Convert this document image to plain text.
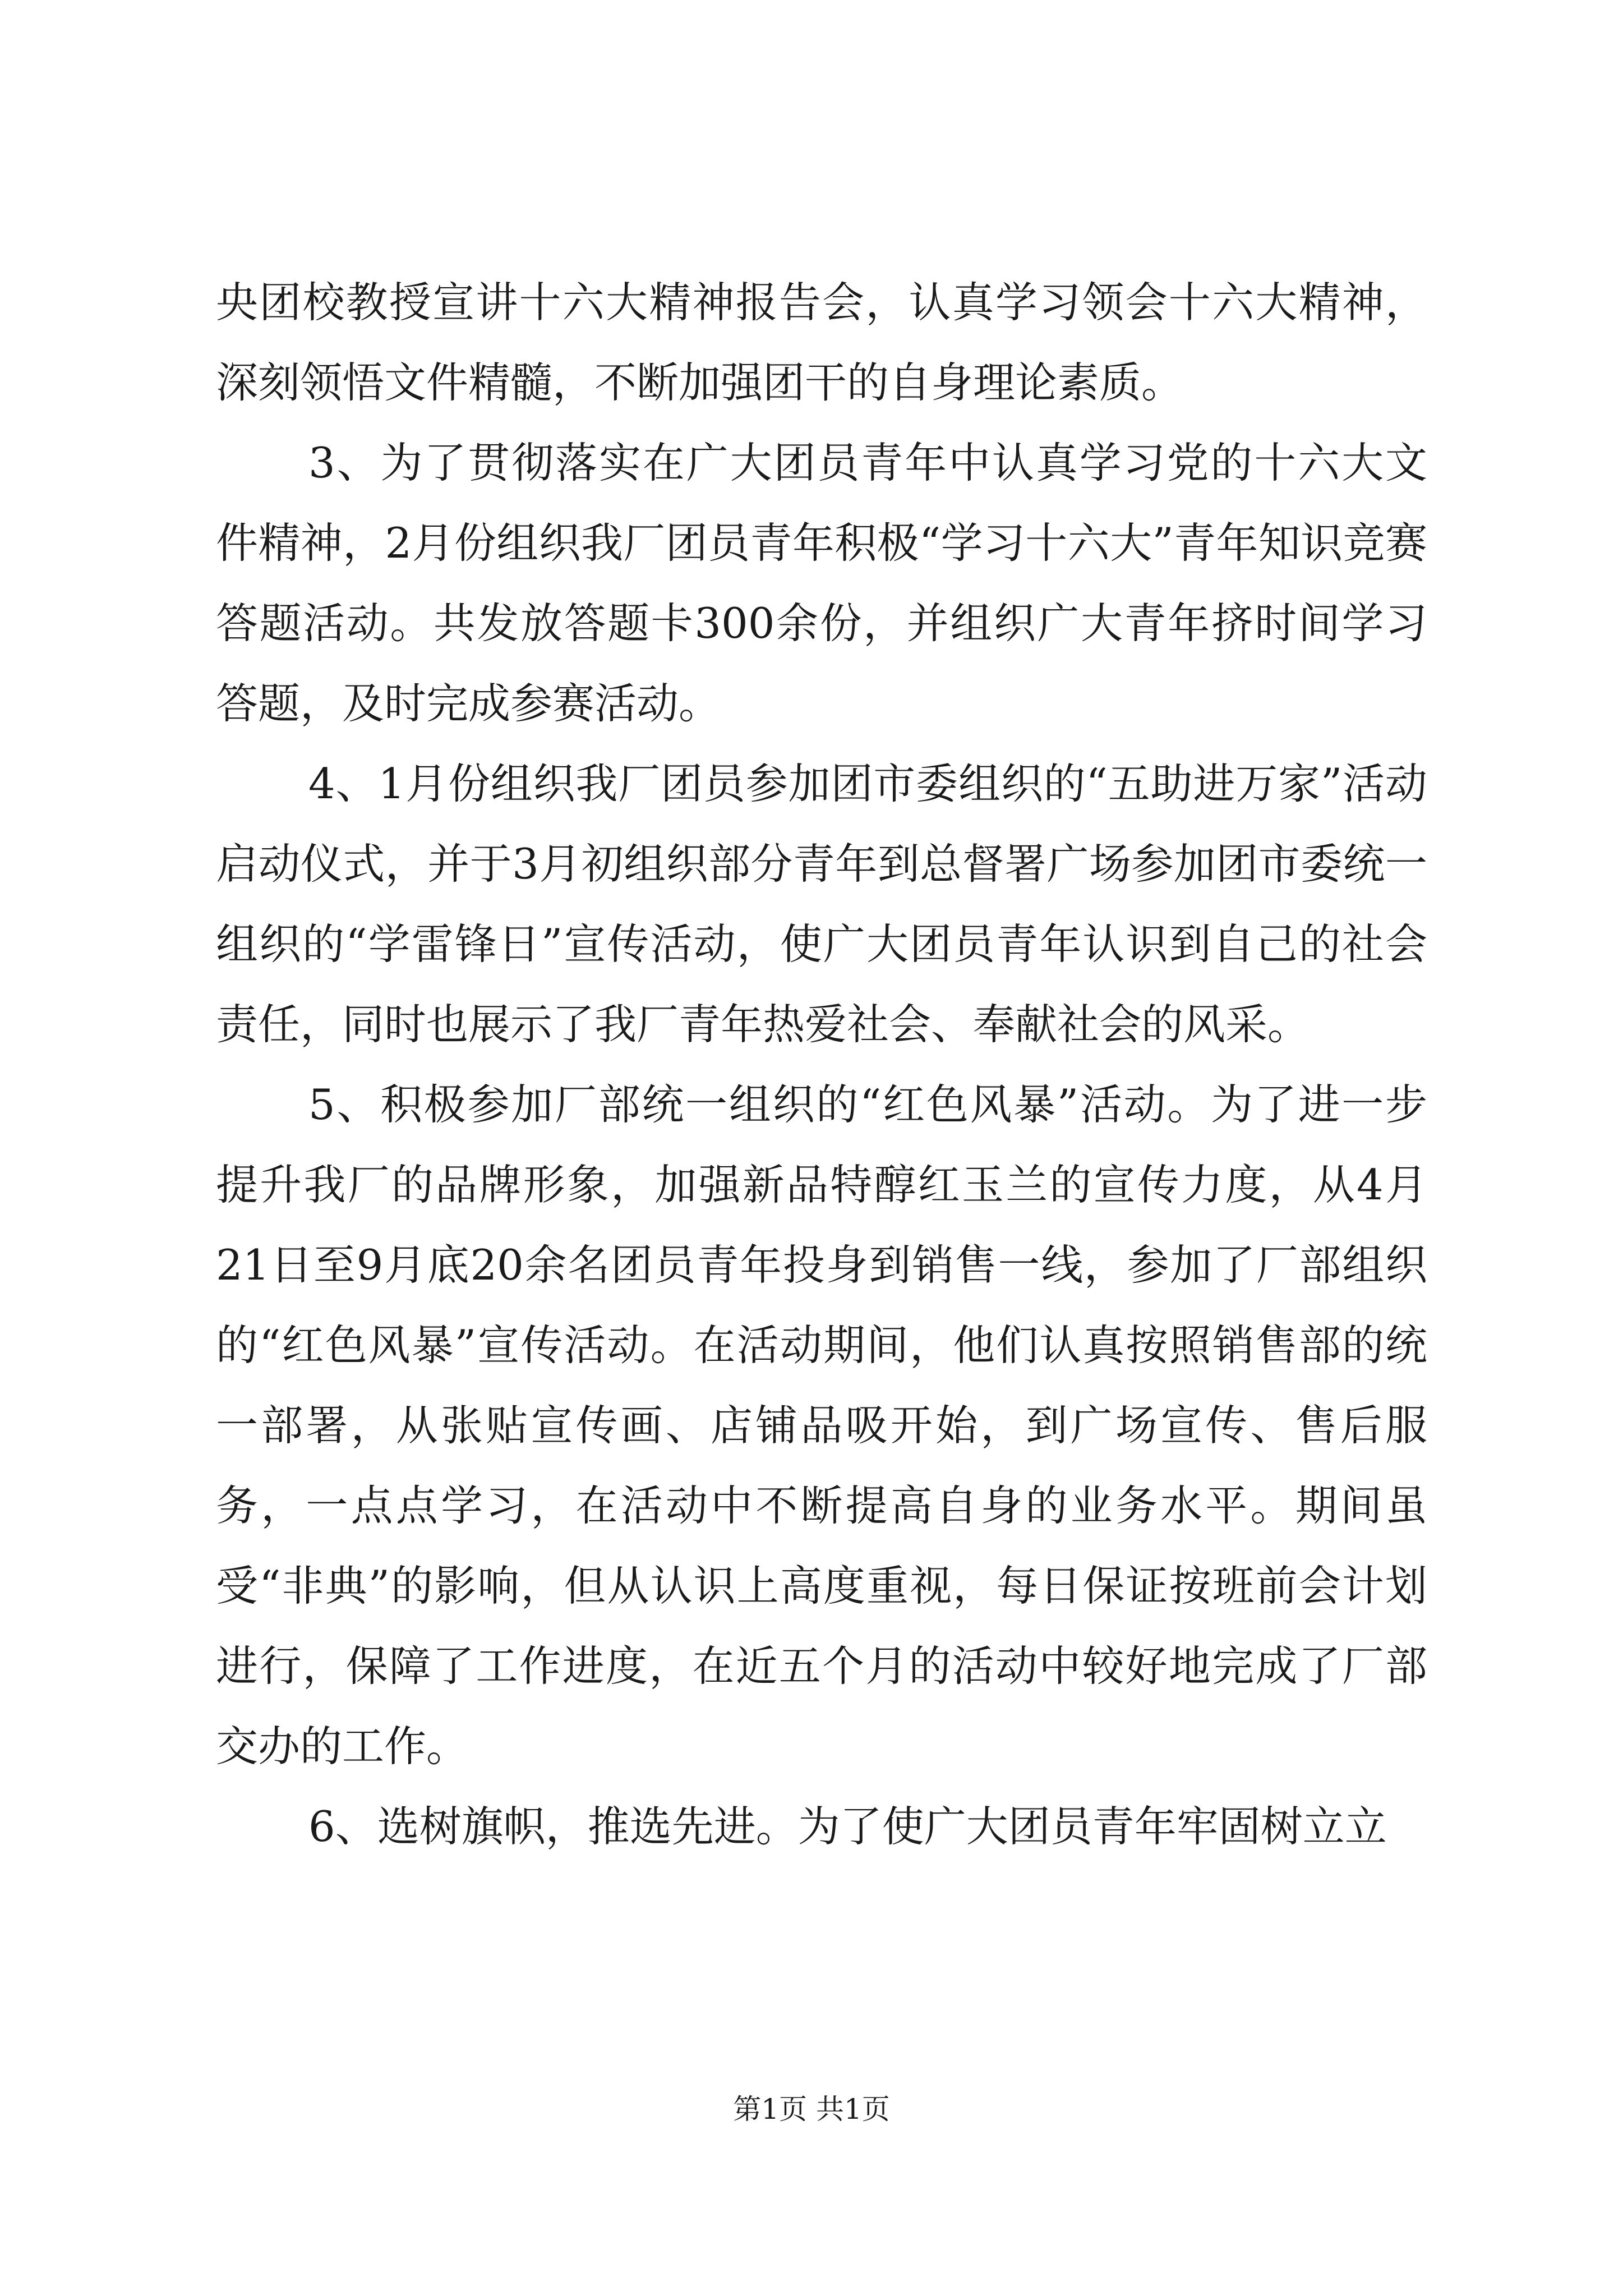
央团校教授宣讲十六大精神报告会，认真学习领会十六大精神，深刻领悟文件精髓，不断加强团干的自身理论素质。

3、为了贯彻落实在广大团员青年中认真学习党的十六大文件精神，2月份组织我厂团员青年积极“学习十六大”青年知识竞赛答题活动。共发放答题卡300余份，并组织广大青年挤时间学习答题，及时完成参赛活动。

4、1月份组织我厂团员参加团市委组织的“五助进万家”活动启动仪式，并于3月初组织部分青年到总督署广场参加团市委统一组织的“学雷锋日”宣传活动，使广大团员青年认识到自己的社会责任，同时也展示了我厂青年热爱社会、奉献社会的风采。

5、积极参加厂部统一组织的“红色风暴”活动。为了进一步提升我厂的品牌形象，加强新品特醇红玉兰的宣传力度，从4月21日至9月底20余名团员青年投身到销售一线，参加了厂部组织的“红色风暴”宣传活动。在活动期间，他们认真按照销售部的统一部署，从张贴宣传画、店铺品吸开始，到广场宣传、售后服务，一点点学习，在活动中不断提高自身的业务水平。期间虽受“非典”的影响，但从认识上高度重视，每日保证按班前会计划进行，保障了工作进度，在近五个月的活动中较好地完成了厂部交办的工作。

6、选树旗帜，推选先进。为了使广大团员青年牢固树立立

第1页 共1页
